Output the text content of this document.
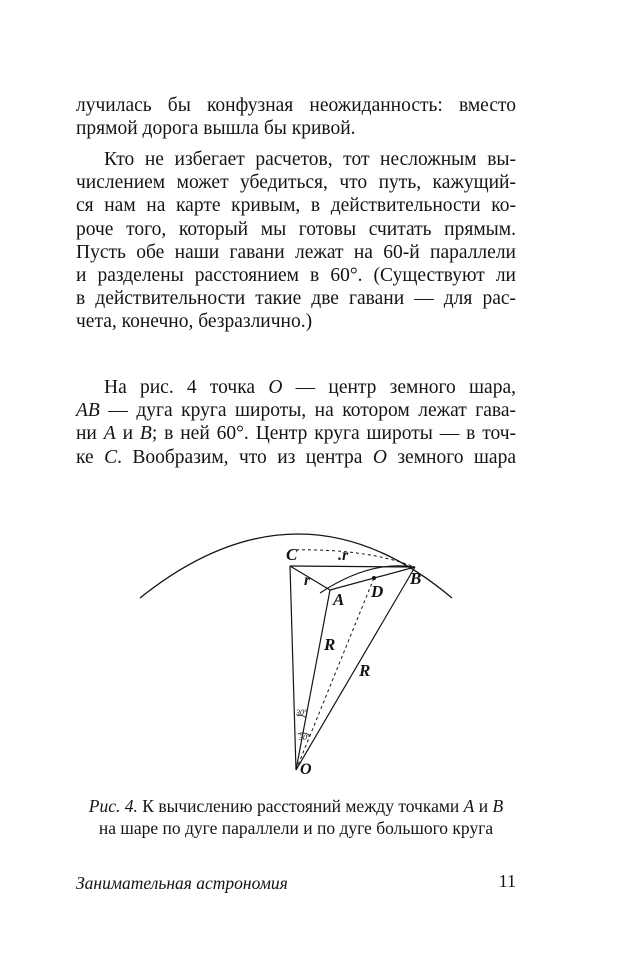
лучилась бы конфузная неожиданность: вместо
прямой дорога вышла бы кривой.
Кто не избегает расчетов, тот несложным вы-
числением может убедиться, что путь, кажущий-
ся нам на карте кривым, в действительности ко-
роче того, который мы готовы считать прямым.
Пусть обе наши гавани лежат на 60-й параллели
и разделены расстоянием в 60°. (Существуют ли
в действительности такие две гавани — для рас-
чета, конечно, безразлично.)
На рис. 4 точка O — центр земного шара,
AB — дуга круга широты, на котором лежат гава-
ни A и B; в ней 60°. Центр круга широты — в точ-
ке C. Вообразим, что из центра O земного шара
C	.r
r
A
B
D
R
R
O
30°
30°
Рис. 4. К вычислению расстояний между точками A и B
на шаре по дуге параллели и по дуге большого круга
Занимательная астрономия	11
